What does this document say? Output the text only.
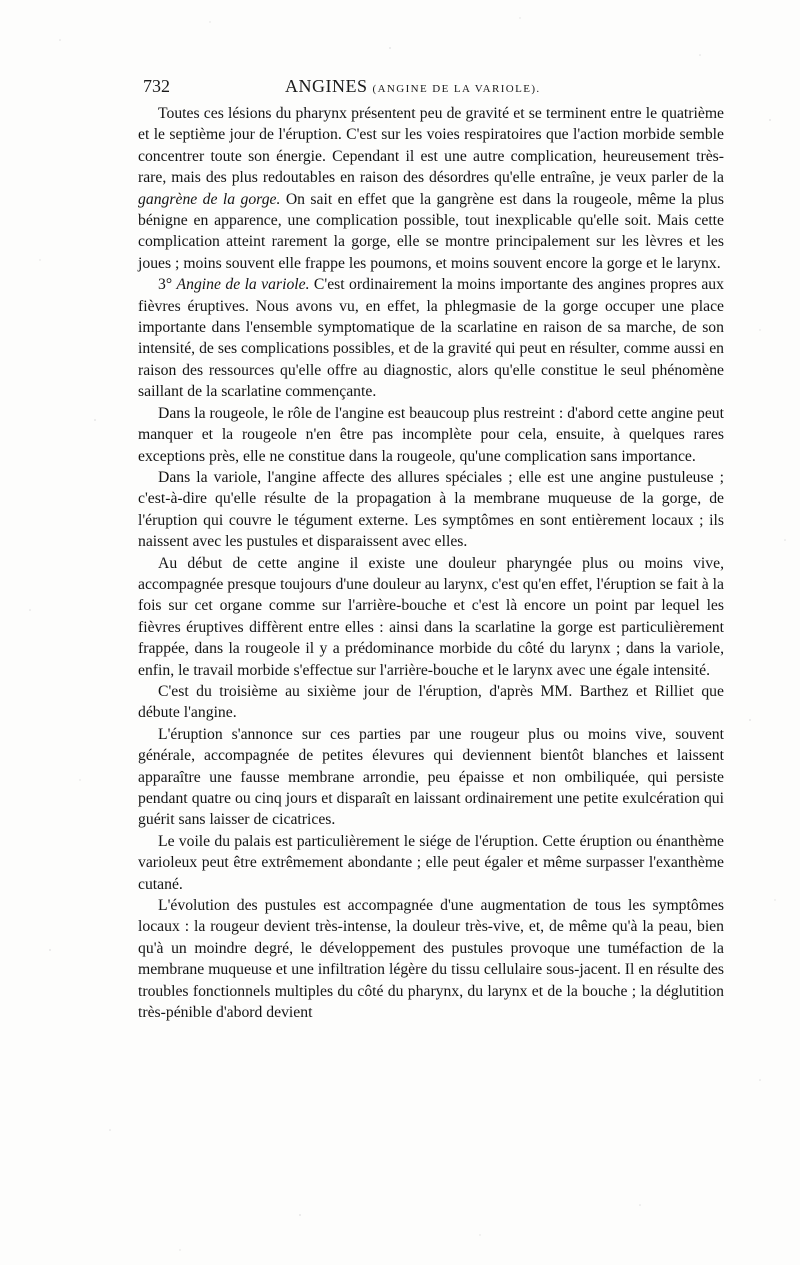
732	ANGINES (ANGINE DE LA VARIOLE).

Toutes ces lésions du pharynx présentent peu de gravité et se terminent entre le quatrième et le septième jour de l'éruption. C'est sur les voies respiratoires que l'action morbide semble concentrer toute son énergie. Cependant il est une autre complication, heureusement très-rare, mais des plus redoutables en raison des désordres qu'elle entraîne, je veux parler de la gangrène de la gorge. On sait en effet que la gangrène est dans la rougeole, même la plus bénigne en apparence, une complication possible, tout inexplicable qu'elle soit. Mais cette complication atteint rarement la gorge, elle se montre principalement sur les lèvres et les joues ; moins souvent elle frappe les poumons, et moins souvent encore la gorge et le larynx.

3° Angine de la variole. C'est ordinairement la moins importante des angines propres aux fièvres éruptives. Nous avons vu, en effet, la phlegmasie de la gorge occuper une place importante dans l'ensemble symptomatique de la scarlatine en raison de sa marche, de son intensité, de ses complications possibles, et de la gravité qui peut en résulter, comme aussi en raison des ressources qu'elle offre au diagnostic, alors qu'elle constitue le seul phénomène saillant de la scarlatine commençante.

Dans la rougeole, le rôle de l'angine est beaucoup plus restreint : d'abord cette angine peut manquer et la rougeole n'en être pas incomplète pour cela, ensuite, à quelques rares exceptions près, elle ne constitue dans la rougeole, qu'une complication sans importance.

Dans la variole, l'angine affecte des allures spéciales ; elle est une angine pustuleuse ; c'est-à-dire qu'elle résulte de la propagation à la membrane muqueuse de la gorge, de l'éruption qui couvre le tégument externe. Les symptômes en sont entièrement locaux ; ils naissent avec les pustules et disparaissent avec elles.

Au début de cette angine il existe une douleur pharyngée plus ou moins vive, accompagnée presque toujours d'une douleur au larynx, c'est qu'en effet, l'éruption se fait à la fois sur cet organe comme sur l'arrière-bouche et c'est là encore un point par lequel les fièvres éruptives diffèrent entre elles : ainsi dans la scarlatine la gorge est particulièrement frappée, dans la rougeole il y a prédominance morbide du côté du larynx ; dans la variole, enfin, le travail morbide s'effectue sur l'arrière-bouche et le larynx avec une égale intensité.

C'est du troisième au sixième jour de l'éruption, d'après MM. Barthez et Rilliet que débute l'angine.

L'éruption s'annonce sur ces parties par une rougeur plus ou moins vive, souvent générale, accompagnée de petites élevures qui deviennent bientôt blanches et laissent apparaître une fausse membrane arrondie, peu épaisse et non ombiliquée, qui persiste pendant quatre ou cinq jours et disparaît en laissant ordinairement une petite exulcération qui guérit sans laisser de cicatrices.

Le voile du palais est particulièrement le siége de l'éruption. Cette éruption ou énanthème varioleux peut être extrêmement abondante ; elle peut égaler et même surpasser l'exanthème cutané.

L'évolution des pustules est accompagnée d'une augmentation de tous les symptômes locaux : la rougeur devient très-intense, la douleur très-vive, et, de même qu'à la peau, bien qu'à un moindre degré, le développement des pustules provoque une tuméfaction de la membrane muqueuse et une infiltration légère du tissu cellulaire sous-jacent. Il en résulte des troubles fonctionnels multiples du côté du pharynx, du larynx et de la bouche ; la déglutition très-pénible d'abord devient
